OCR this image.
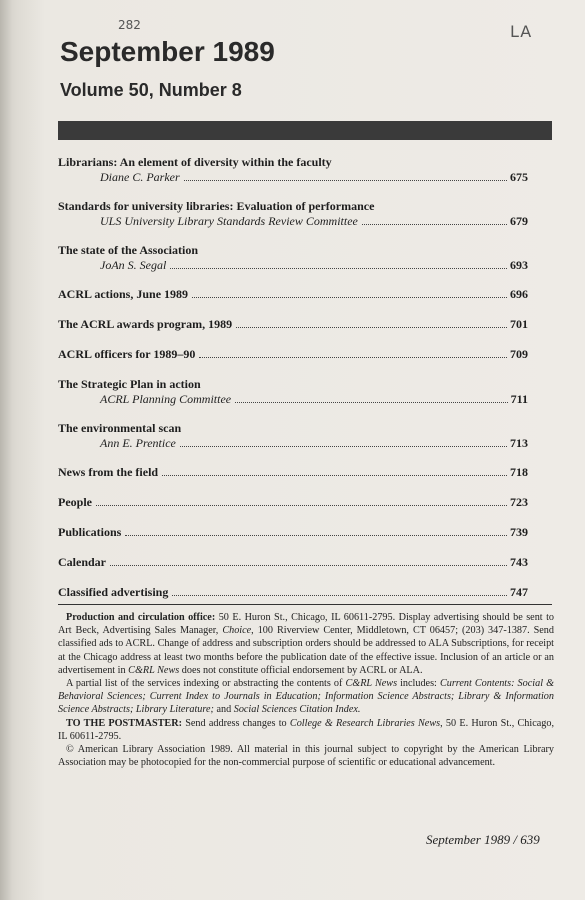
282	LA
September 1989
Volume 50, Number 8
Librarians: An element of diversity within the faculty
Diane C. Parker	675
Standards for university libraries: Evaluation of performance
ULS University Library Standards Review Committee	679
The state of the Association
JoAn S. Segal	693
ACRL actions, June 1989	696
The ACRL awards program, 1989	701
ACRL officers for 1989–90	709
The Strategic Plan in action
ACRL Planning Committee	711
The environmental scan
Ann E. Prentice	713
News from the field	718
People	723
Publications	739
Calendar	743
Classified advertising	747

Production and circulation office: 50 E. Huron St., Chicago, IL 60611-2795. Display advertising should be sent to Art Beck, Advertising Sales Manager, Choice, 100 Riverview Center, Middletown, CT 06457; (203) 347-1387. Send classified ads to ACRL. Change of address and subscription orders should be addressed to ALA Subscriptions, for receipt at the Chicago address at least two months before the publication date of the effective issue. Inclusion of an article or an advertisement in C&RL News does not constitute official endorsement by ACRL or ALA.

A partial list of the services indexing or abstracting the contents of C&RL News includes: Current Contents: Social & Behavioral Sciences; Current Index to Journals in Education; Information Science Abstracts; Library & Information Science Abstracts; Library Literature; and Social Sciences Citation Index.

TO THE POSTMASTER: Send address changes to College & Research Libraries News, 50 E. Huron St., Chicago, IL 60611-2795.

© American Library Association 1989. All material in this journal subject to copyright by the American Library Association may be photocopied for the non-commercial purpose of scientific or educational advancement.

September 1989 / 639
